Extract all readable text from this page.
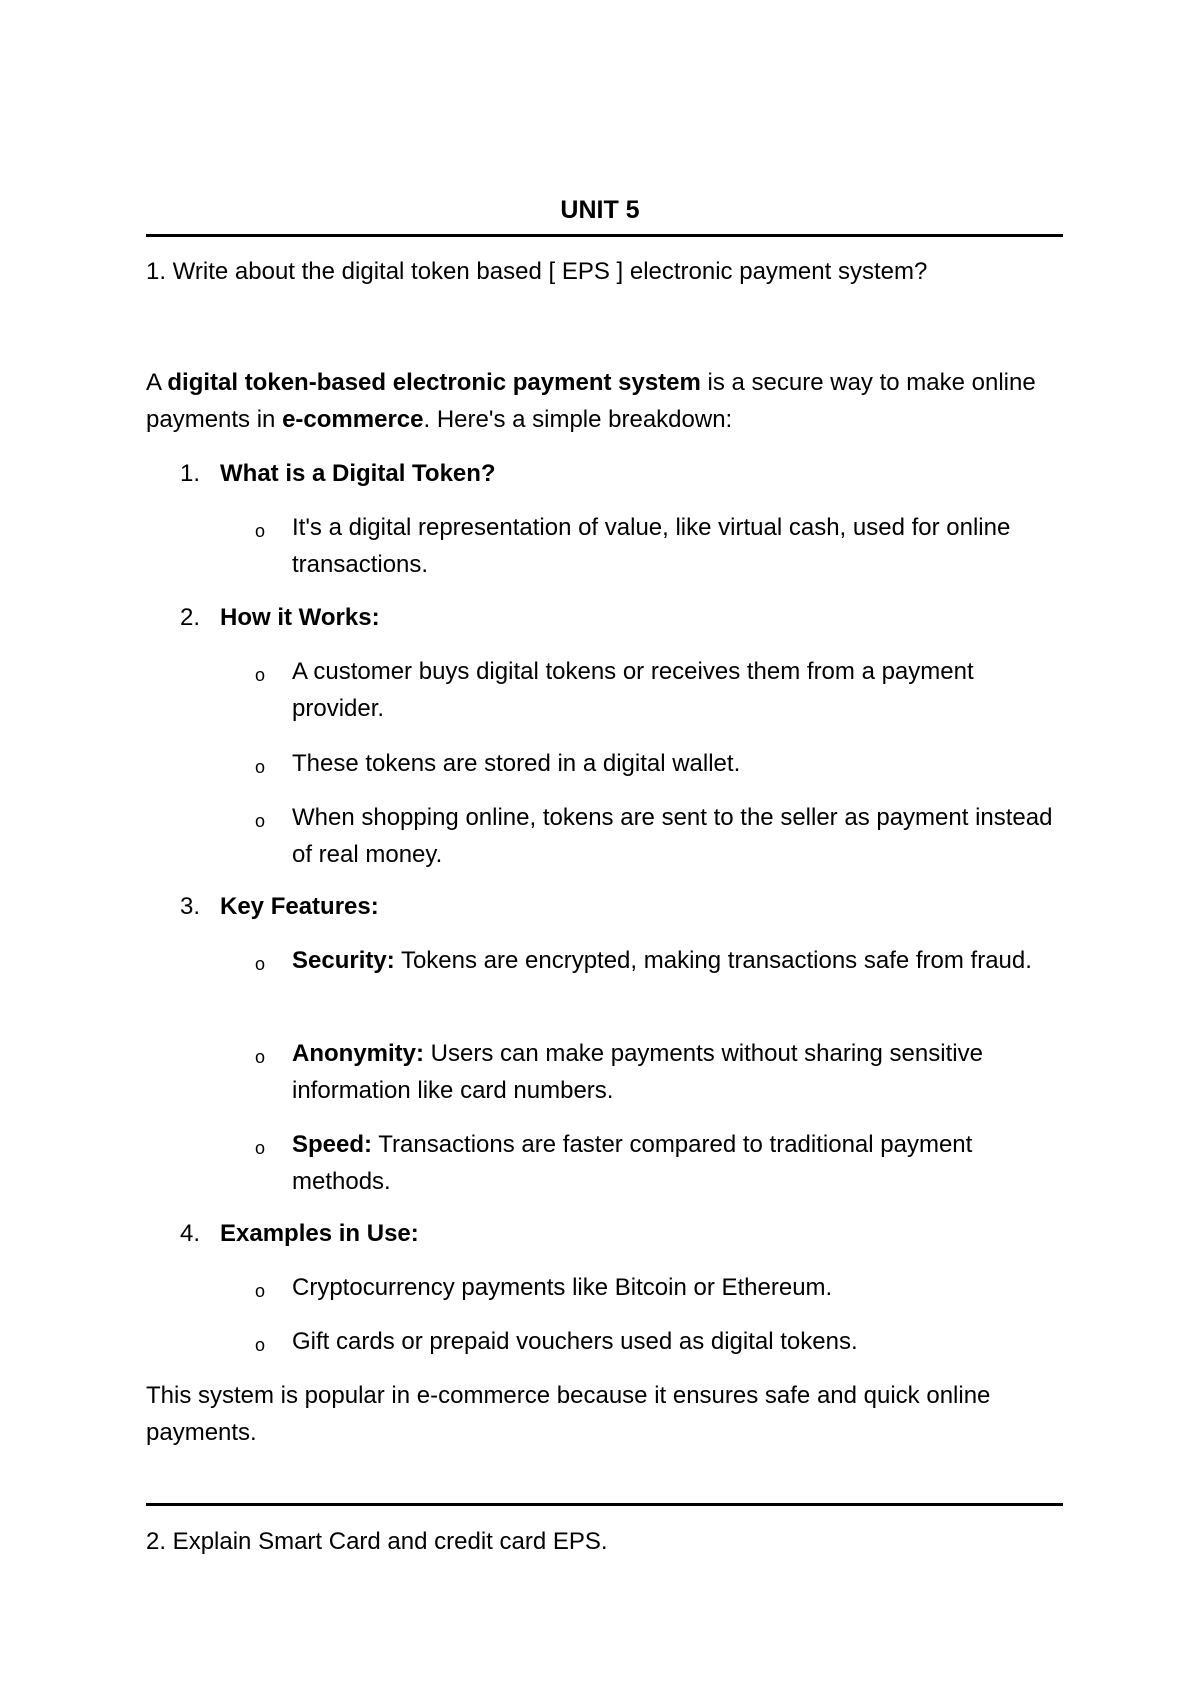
UNIT 5
1. Write about the digital token based [ EPS ] electronic payment system?
A digital token-based electronic payment system is a secure way to make online payments in e-commerce. Here's a simple breakdown:
1. What is a Digital Token?
o It's a digital representation of value, like virtual cash, used for online transactions.
2. How it Works:
o A customer buys digital tokens or receives them from a payment provider.
o These tokens are stored in a digital wallet.
o When shopping online, tokens are sent to the seller as payment instead of real money.
3. Key Features:
o Security: Tokens are encrypted, making transactions safe from fraud.
o Anonymity: Users can make payments without sharing sensitive information like card numbers.
o Speed: Transactions are faster compared to traditional payment methods.
4. Examples in Use:
o Cryptocurrency payments like Bitcoin or Ethereum.
o Gift cards or prepaid vouchers used as digital tokens.
This system is popular in e-commerce because it ensures safe and quick online payments.
2. Explain Smart Card and credit card EPS.
